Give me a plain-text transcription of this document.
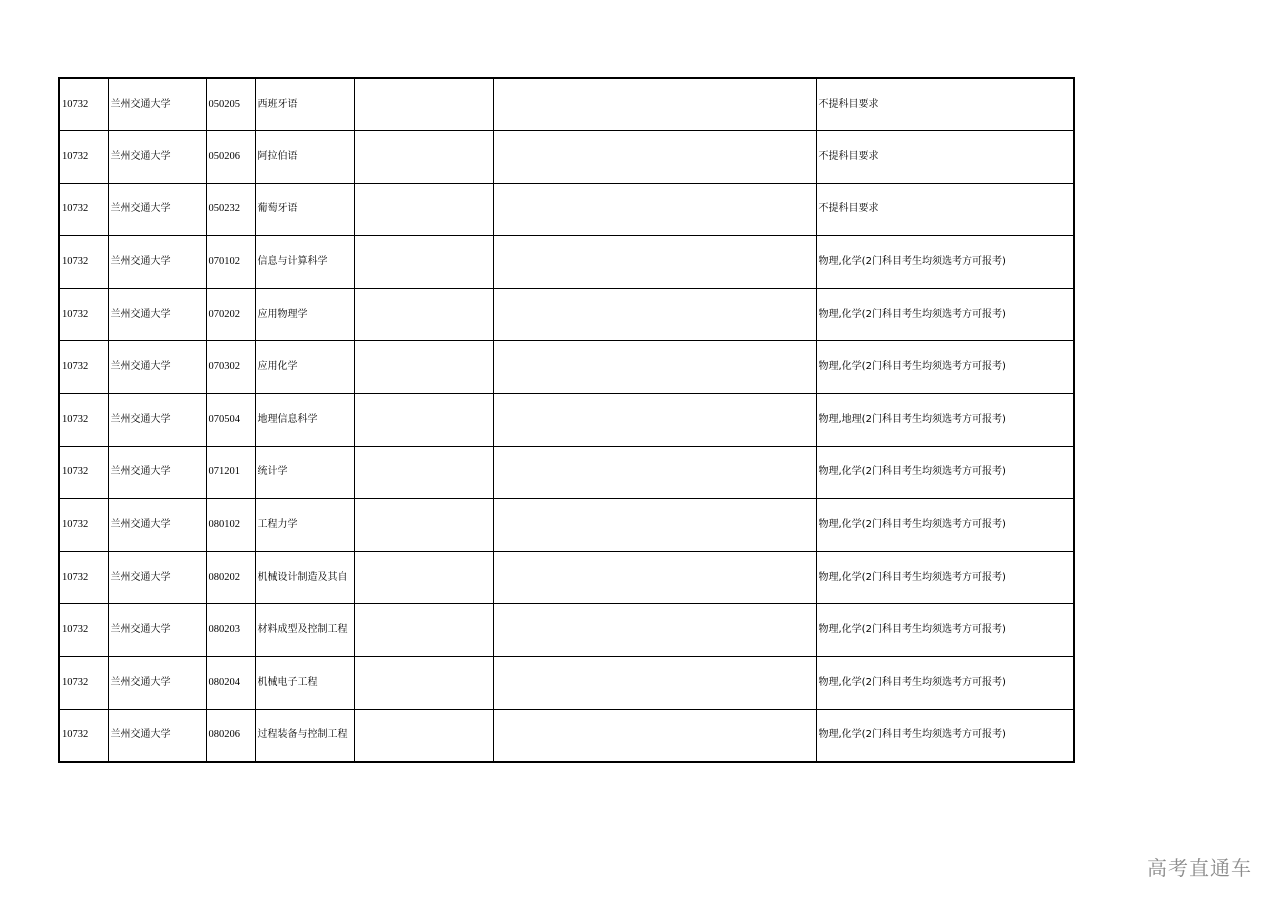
10732	兰州交通大学	050205	西班牙语			不提科目要求
10732	兰州交通大学	050206	阿拉伯语			不提科目要求
10732	兰州交通大学	050232	葡萄牙语			不提科目要求
10732	兰州交通大学	070102	信息与计算科学			物理,化学(2门科目考生均须选考方可报考)
10732	兰州交通大学	070202	应用物理学			物理,化学(2门科目考生均须选考方可报考)
10732	兰州交通大学	070302	应用化学			物理,化学(2门科目考生均须选考方可报考)
10732	兰州交通大学	070504	地理信息科学			物理,地理(2门科目考生均须选考方可报考)
10732	兰州交通大学	071201	统计学			物理,化学(2门科目考生均须选考方可报考)
10732	兰州交通大学	080102	工程力学			物理,化学(2门科目考生均须选考方可报考)
10732	兰州交通大学	080202	机械设计制造及其自			物理,化学(2门科目考生均须选考方可报考)
10732	兰州交通大学	080203	材料成型及控制工程			物理,化学(2门科目考生均须选考方可报考)
10732	兰州交通大学	080204	机械电子工程			物理,化学(2门科目考生均须选考方可报考)
10732	兰州交通大学	080206	过程装备与控制工程			物理,化学(2门科目考生均须选考方可报考)
高考直通车
